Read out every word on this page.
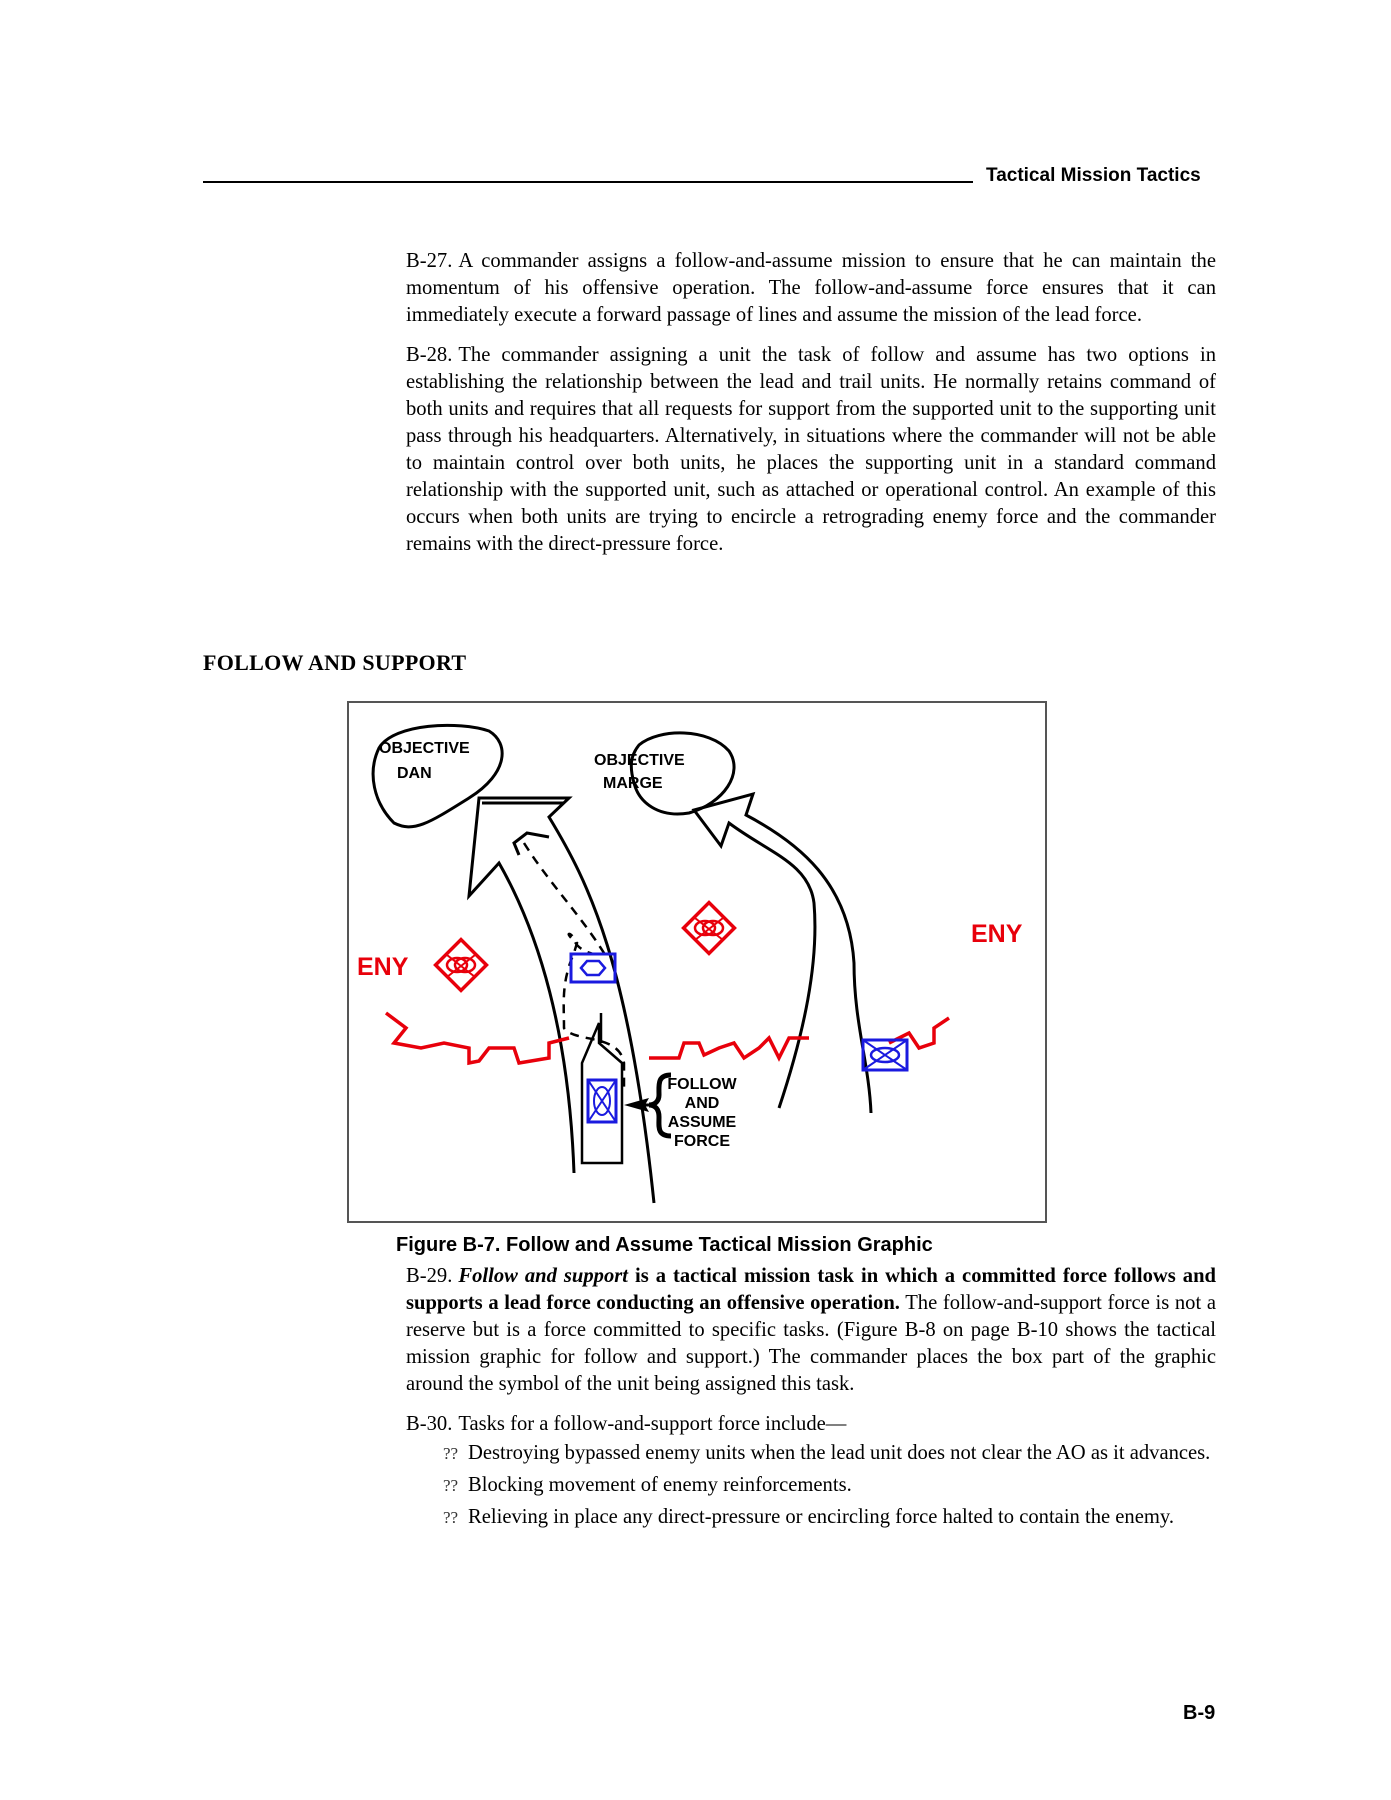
Tactical Mission Tactics

B-27. A commander assigns a follow-and-assume mission to ensure that he can maintain the momentum of his offensive operation. The follow-and-assume force ensures that it can immediately execute a forward passage of lines and assume the mission of the lead force.

B-28. The commander assigning a unit the task of follow and assume has two options in establishing the relationship between the lead and trail units. He normally retains command of both units and requires that all requests for support from the supported unit to the supporting unit pass through his headquarters. Alternatively, in situations where the commander will not be able to maintain control over both units, he places the supporting unit in a standard command relationship with the supported unit, such as attached or operational control. An example of this occurs when both units are trying to encircle a retrograding enemy force and the commander remains with the direct-pressure force.

FOLLOW AND SUPPORT
OBJECTIVE
DAN
OBJECTIVE
MARGE
ENY
ENY
FOLLOW
AND
ASSUME
FORCE
Figure B-7. Follow and Assume Tactical Mission Graphic

B-29. Follow and support is a tactical mission task in which a committed force follows and supports a lead force conducting an offensive operation. The follow-and-support force is not a reserve but is a force committed to specific tasks. (Figure B-8 on page B-10 shows the tactical mission graphic for follow and support.) The commander places the box part of the graphic around the symbol of the unit being assigned this task.

B-30. Tasks for a follow-and-support force include—

?? Destroying bypassed enemy units when the lead unit does not clear the AO as it advances.
?? Blocking movement of enemy reinforcements.
?? Relieving in place any direct-pressure or encircling force halted to contain the enemy.
B-9
